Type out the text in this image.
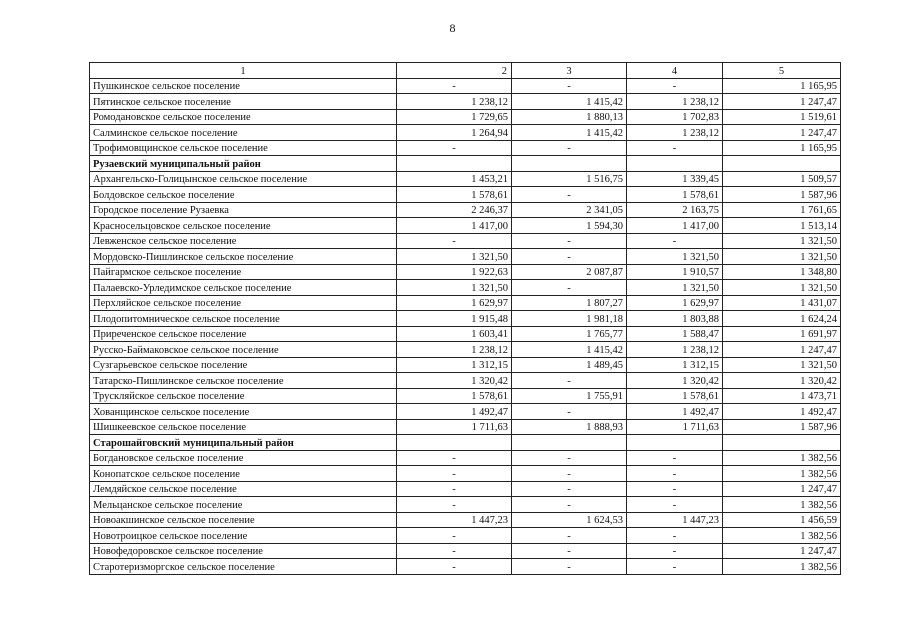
8
1	2	3	4	5
Пушкинское сельское поселение	-	-	-	1 165,95
Пятинское сельское поселение	1 238,12	1 415,42	1 238,12	1 247,47
Ромодановское сельское поселение	1 729,65	1 880,13	1 702,83	1 519,61
Салминское сельское поселение	1 264,94	1 415,42	1 238,12	1 247,47
Трофимовщинское сельское поселение	-	-	-	1 165,95
Рузаевский муниципальный район				
Архангельско-Голицынское сельское поселение	1 453,21	1 516,75	1 339,45	1 509,57
Болдовское сельское поселение	1 578,61	-	1 578,61	1 587,96
Городское поселение Рузаевка	2 246,37	2 341,05	2 163,75	1 761,65
Красносельцовское сельское поселение	1 417,00	1 594,30	1 417,00	1 513,14
Левженское сельское поселение	-	-	-	1 321,50
Мордовско-Пишлинское сельское поселение	1 321,50	-	1 321,50	1 321,50
Пайгармское сельское поселение	1 922,63	2 087,87	1 910,57	1 348,80
Палаевско-Урледимское сельское поселение	1 321,50	-	1 321,50	1 321,50
Перхляйское сельское поселение	1 629,97	1 807,27	1 629,97	1 431,07
Плодопитомническое сельское поселение	1 915,48	1 981,18	1 803,88	1 624,24
Приреченское сельское поселение	1 603,41	1 765,77	1 588,47	1 691,97
Русско-Баймаковское сельское поселение	1 238,12	1 415,42	1 238,12	1 247,47
Сузгарьевское сельское поселение	1 312,15	1 489,45	1 312,15	1 321,50
Татарско-Пишлинское сельское поселение	1 320,42	-	1 320,42	1 320,42
Трускляйское сельское поселение	1 578,61	1 755,91	1 578,61	1 473,71
Хованщинское сельское поселение	1 492,47	-	1 492,47	1 492,47
Шишкеевское сельское поселение	1 711,63	1 888,93	1 711,63	1 587,96
Старошайговский муниципальный район				
Богдановское сельское поселение	-	-	-	1 382,56
Конопатское сельское поселение	-	-	-	1 382,56
Лемдяйское сельское поселение	-	-	-	1 247,47
Мельцанское сельское поселение	-	-	-	1 382,56
Новоакшинское сельское поселение	1 447,23	1 624,53	1 447,23	1 456,59
Новотроицкое сельское поселение	-	-	-	1 382,56
Новофедоровское сельское поселение	-	-	-	1 247,47
Старотеризморгское сельское поселение	-	-	-	1 382,56
